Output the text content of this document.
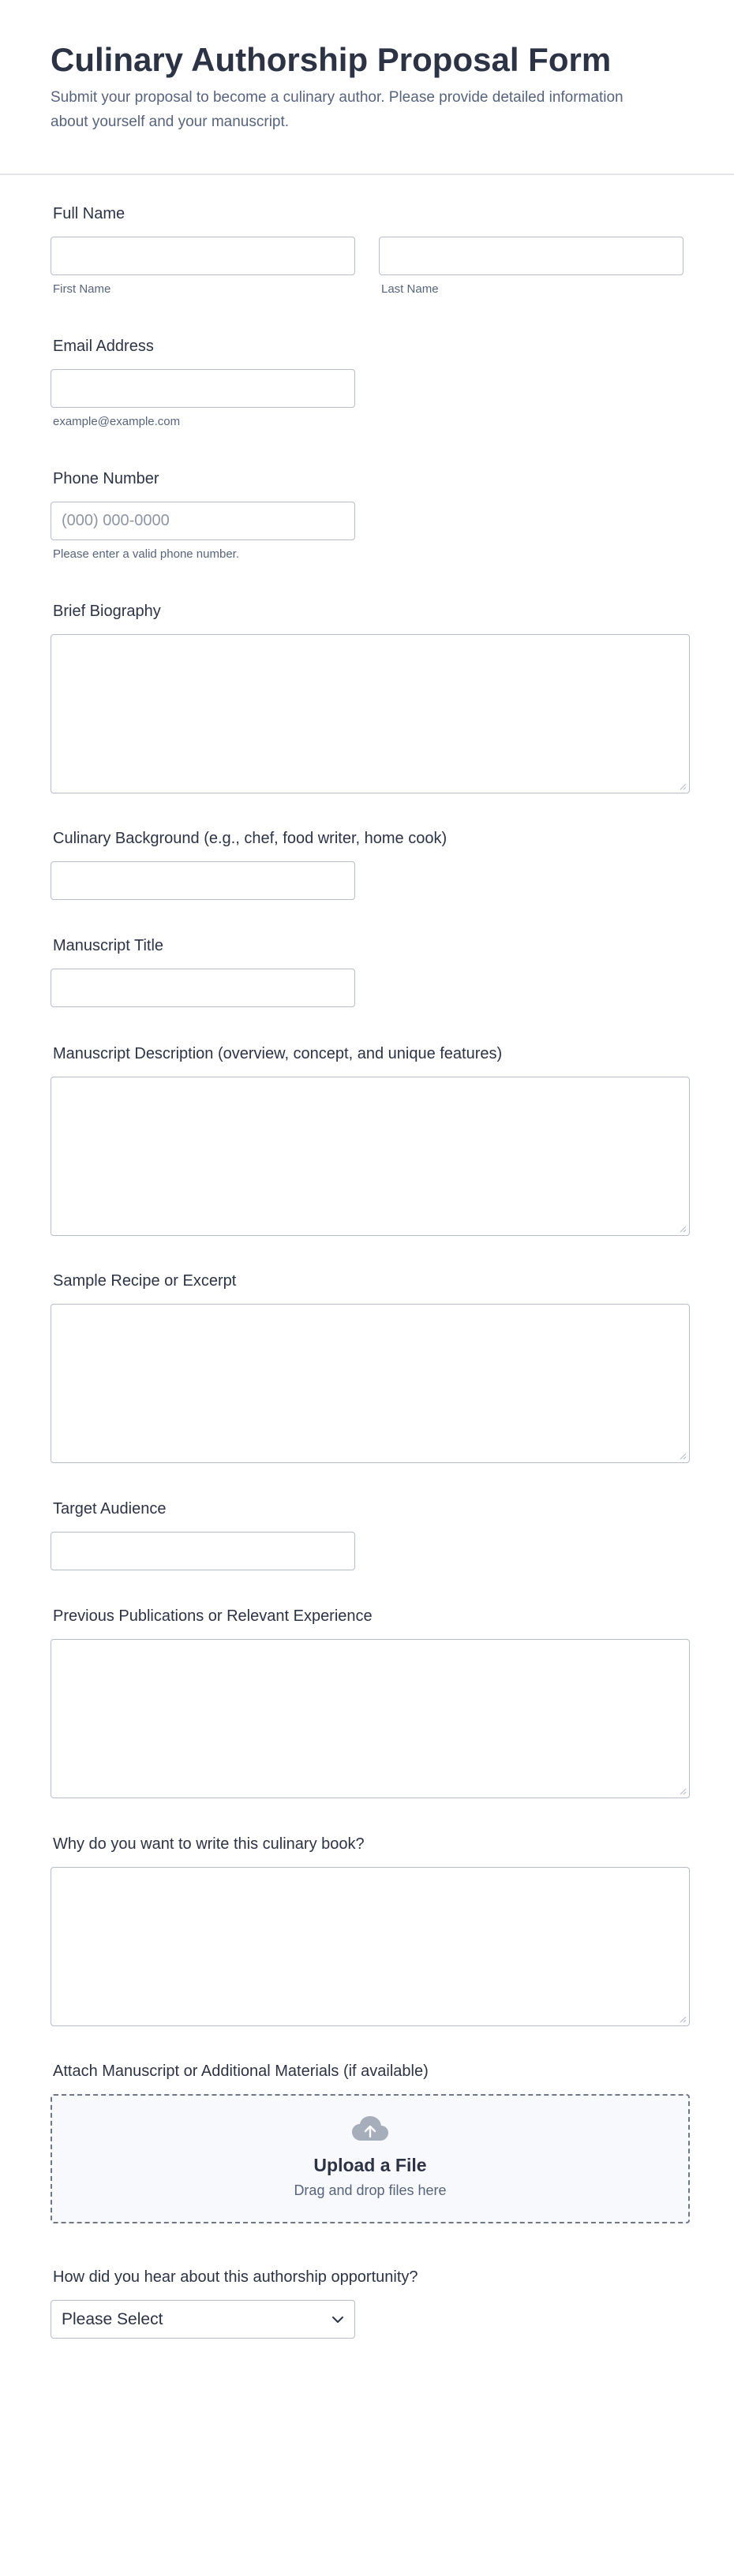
Culinary Authorship Proposal Form
Submit your proposal to become a culinary author. Please provide detailed information about yourself and your manuscript.
Full Name
First Name	Last Name
Email Address
example@example.com
Phone Number
(000) 000-0000
Please enter a valid phone number.
Brief Biography
Culinary Background (e.g., chef, food writer, home cook)
Manuscript Title
Manuscript Description (overview, concept, and unique features)
Sample Recipe or Excerpt
Target Audience
Previous Publications or Relevant Experience
Why do you want to write this culinary book?
Attach Manuscript or Additional Materials (if available)
Upload a File
Drag and drop files here
How did you hear about this authorship opportunity?
Please Select
